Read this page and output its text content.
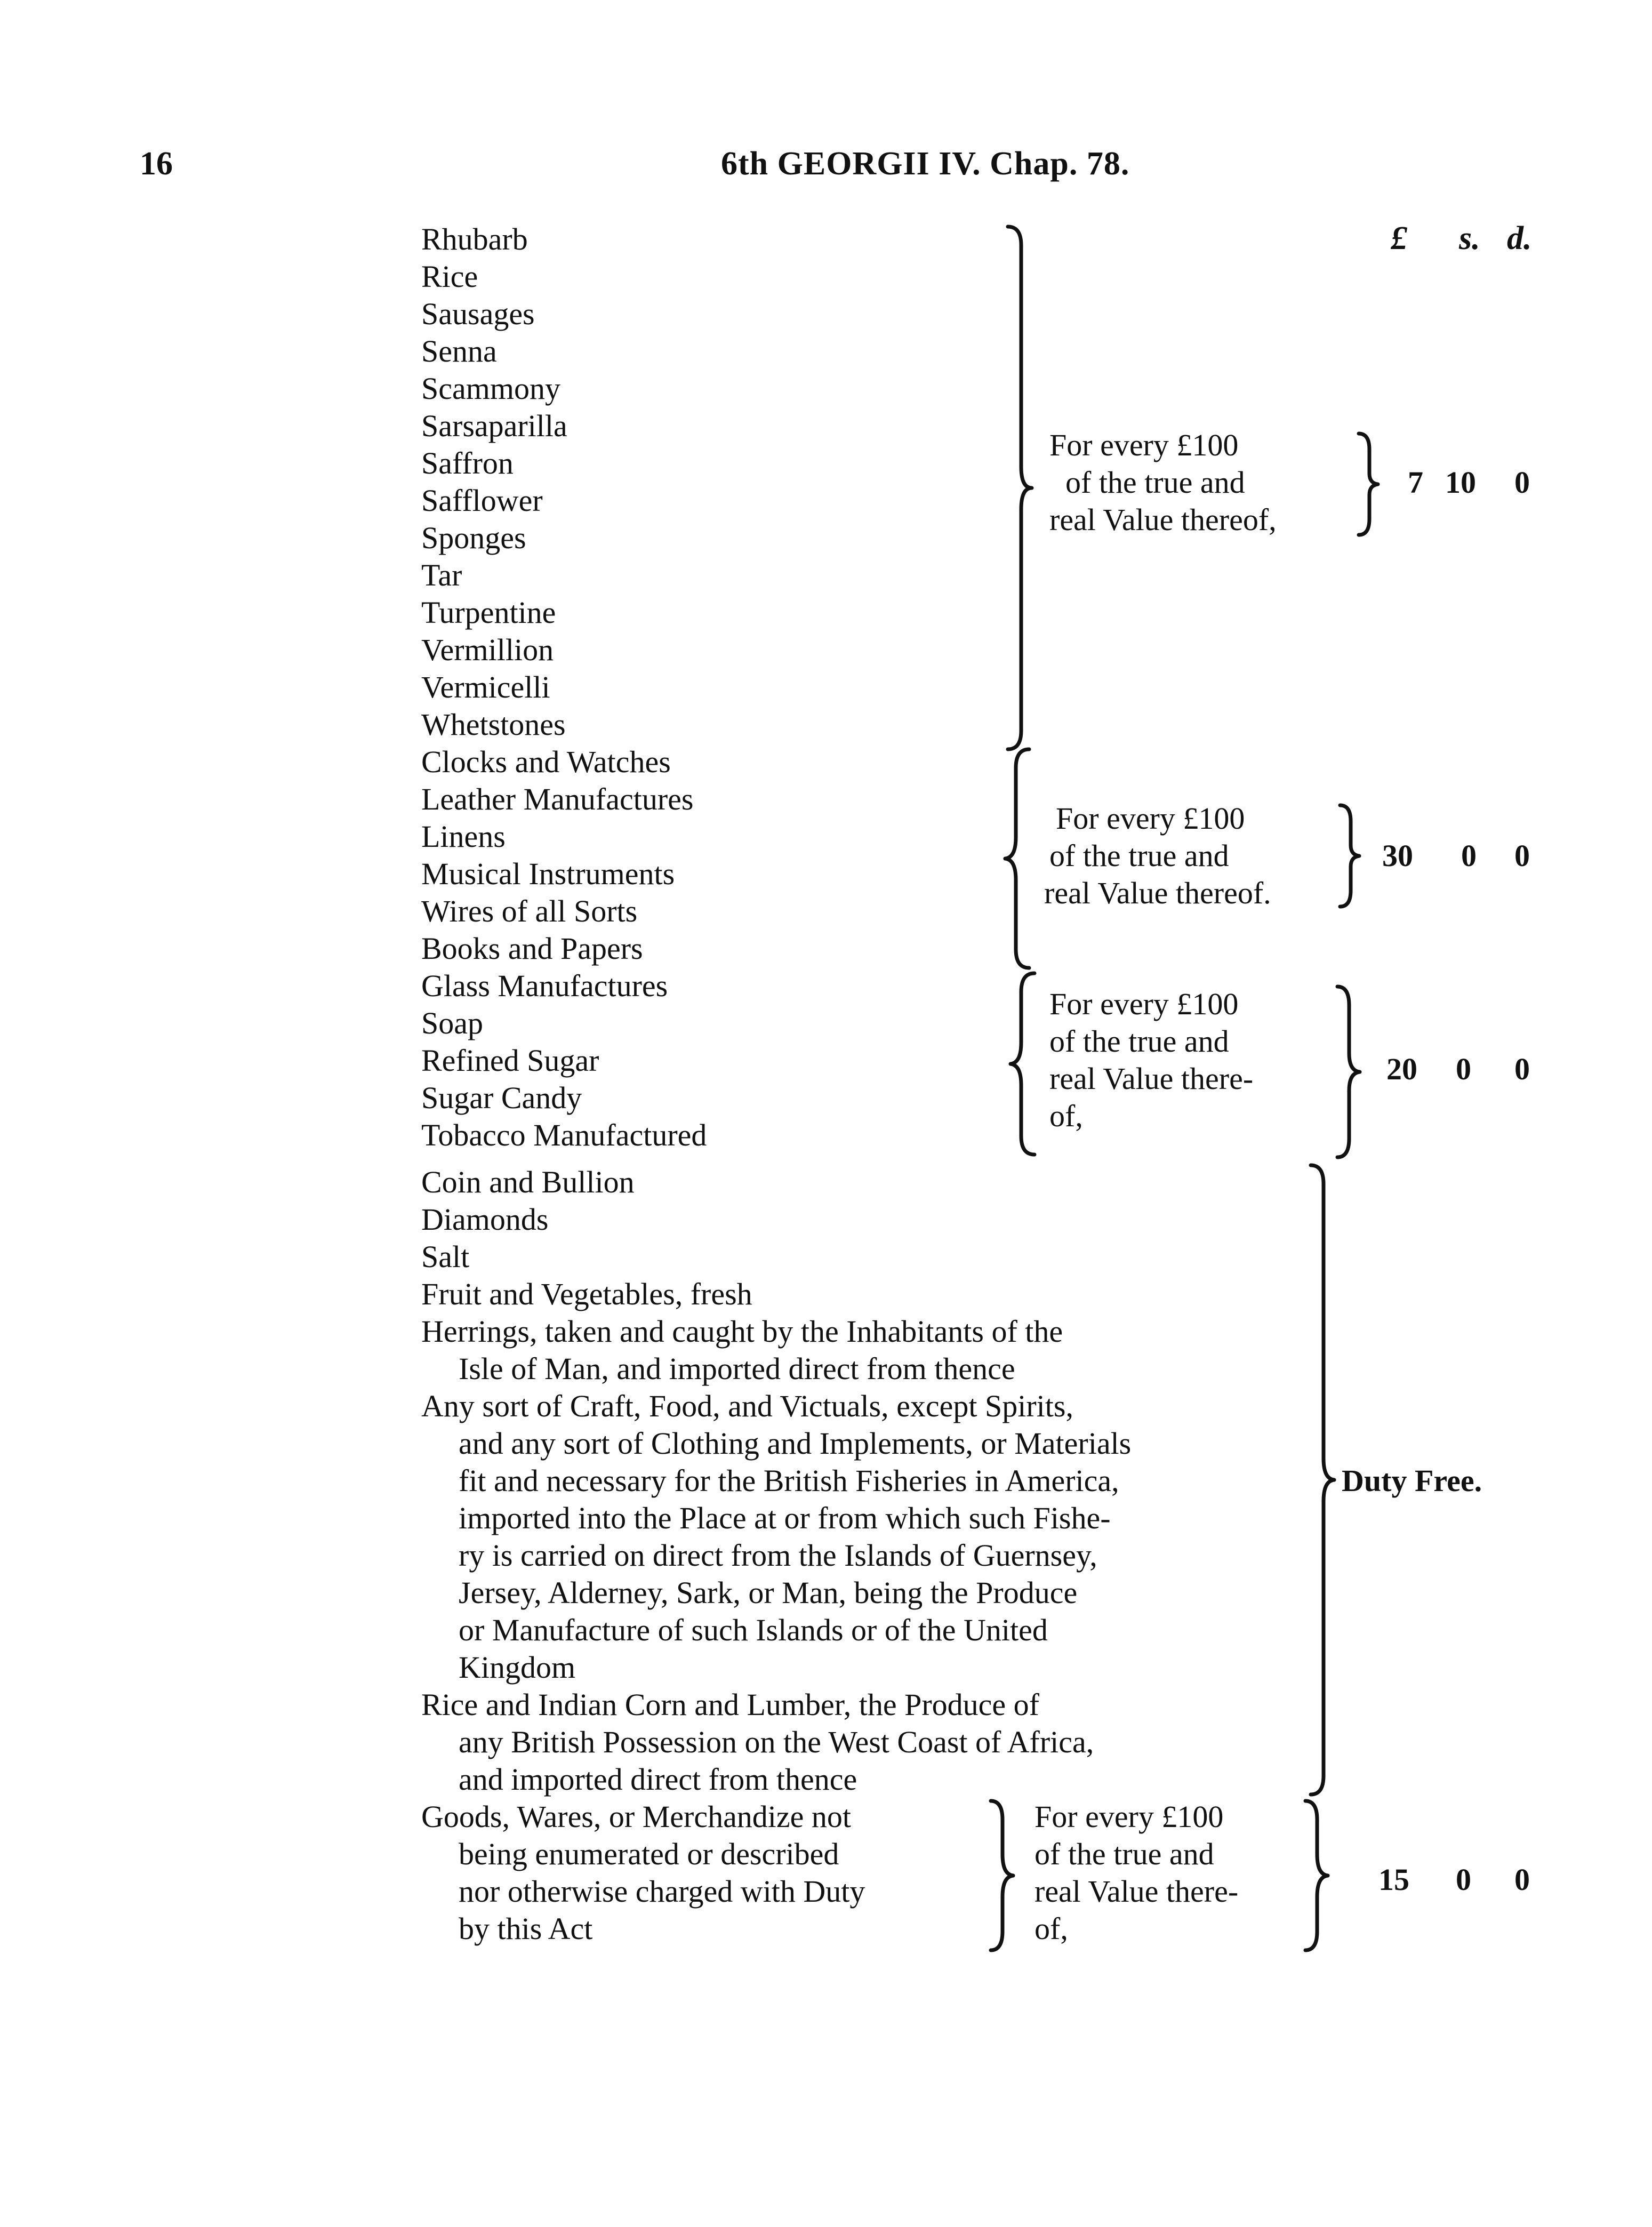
16	6th GEORGII IV. Chap. 78.
£ s. d.
Rhubarb
Rice
Sausages
Senna
Scammony
Sarsaparilla
Saffron
Safflower
Sponges
Tar
Turpentine
Vermillion
Vermicelli
Whetstones
For every £100
of the true and
real Value thereof,
7 10 0
Clocks and Watches
Leather Manufactures
Linens
Musical Instruments
Wires of all Sorts
Books and Papers
For every £100
of the true and
real Value thereof.
30 0 0
Glass Manufactures
Soap
Refined Sugar
Sugar Candy
Tobacco Manufactured
For every £100
of the true and
real Value there-
of,
20 0 0
Coin and Bullion
Diamonds
Salt
Fruit and Vegetables, fresh
Herrings, taken and caught by the Inhabitants of the
Isle of Man, and imported direct from thence
Any sort of Craft, Food, and Victuals, except Spirits,
and any sort of Clothing and Implements, or Materials
fit and necessary for the British Fisheries in America,
imported into the Place at or from which such Fishe-
ry is carried on direct from the Islands of Guernsey,
Jersey, Alderney, Sark, or Man, being the Produce
or Manufacture of such Islands or of the United
Kingdom
Rice and Indian Corn and Lumber, the Produce of
any British Possession on the West Coast of Africa,
and imported direct from thence
Duty Free.
Goods, Wares, or Merchandize not
being enumerated or described
nor otherwise charged with Duty
by this Act
For every £100
of the true and
real Value there-
of,
15 0 0
